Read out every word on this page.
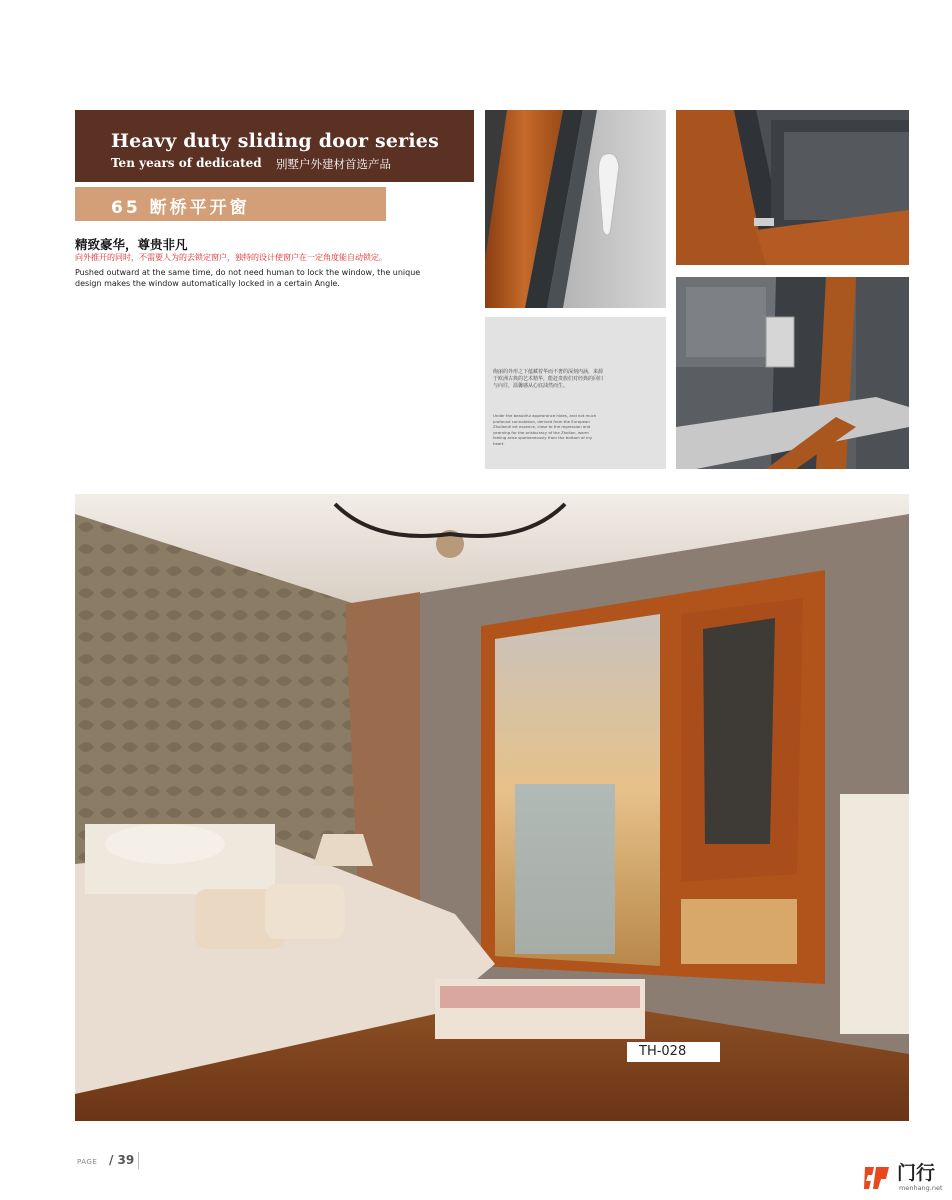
Heavy duty sliding door series
Ten years of dedicated 别墅户外建材首选产品
65 断桥平开窗
精致豪华，尊贵非凡
向外推开的同时，不需要人为的去锁定窗户，独特的设计使窗户在一定角度能自动锁定。
Pushed outward at the same time, do not need human to lock the window, the unique design makes the window automatically locked in a certain Angle.
绚丽的外形之下蕴藏着华而不奢的深刻内涵，来源于欧洲古典的艺术精华，能赶贵族们对经典的回归与向往，温馨感从心底油然而生。
Under the beautiful appearance hides, and not much profound connotation, derived from the European Zhollandi art essence, close to the regression and yearning for the aristocracy of the Zhollan, warm feeling arise spontaneously from the bottom of my heart.
TH-028
PAGE / 39
门行
menhang.net
